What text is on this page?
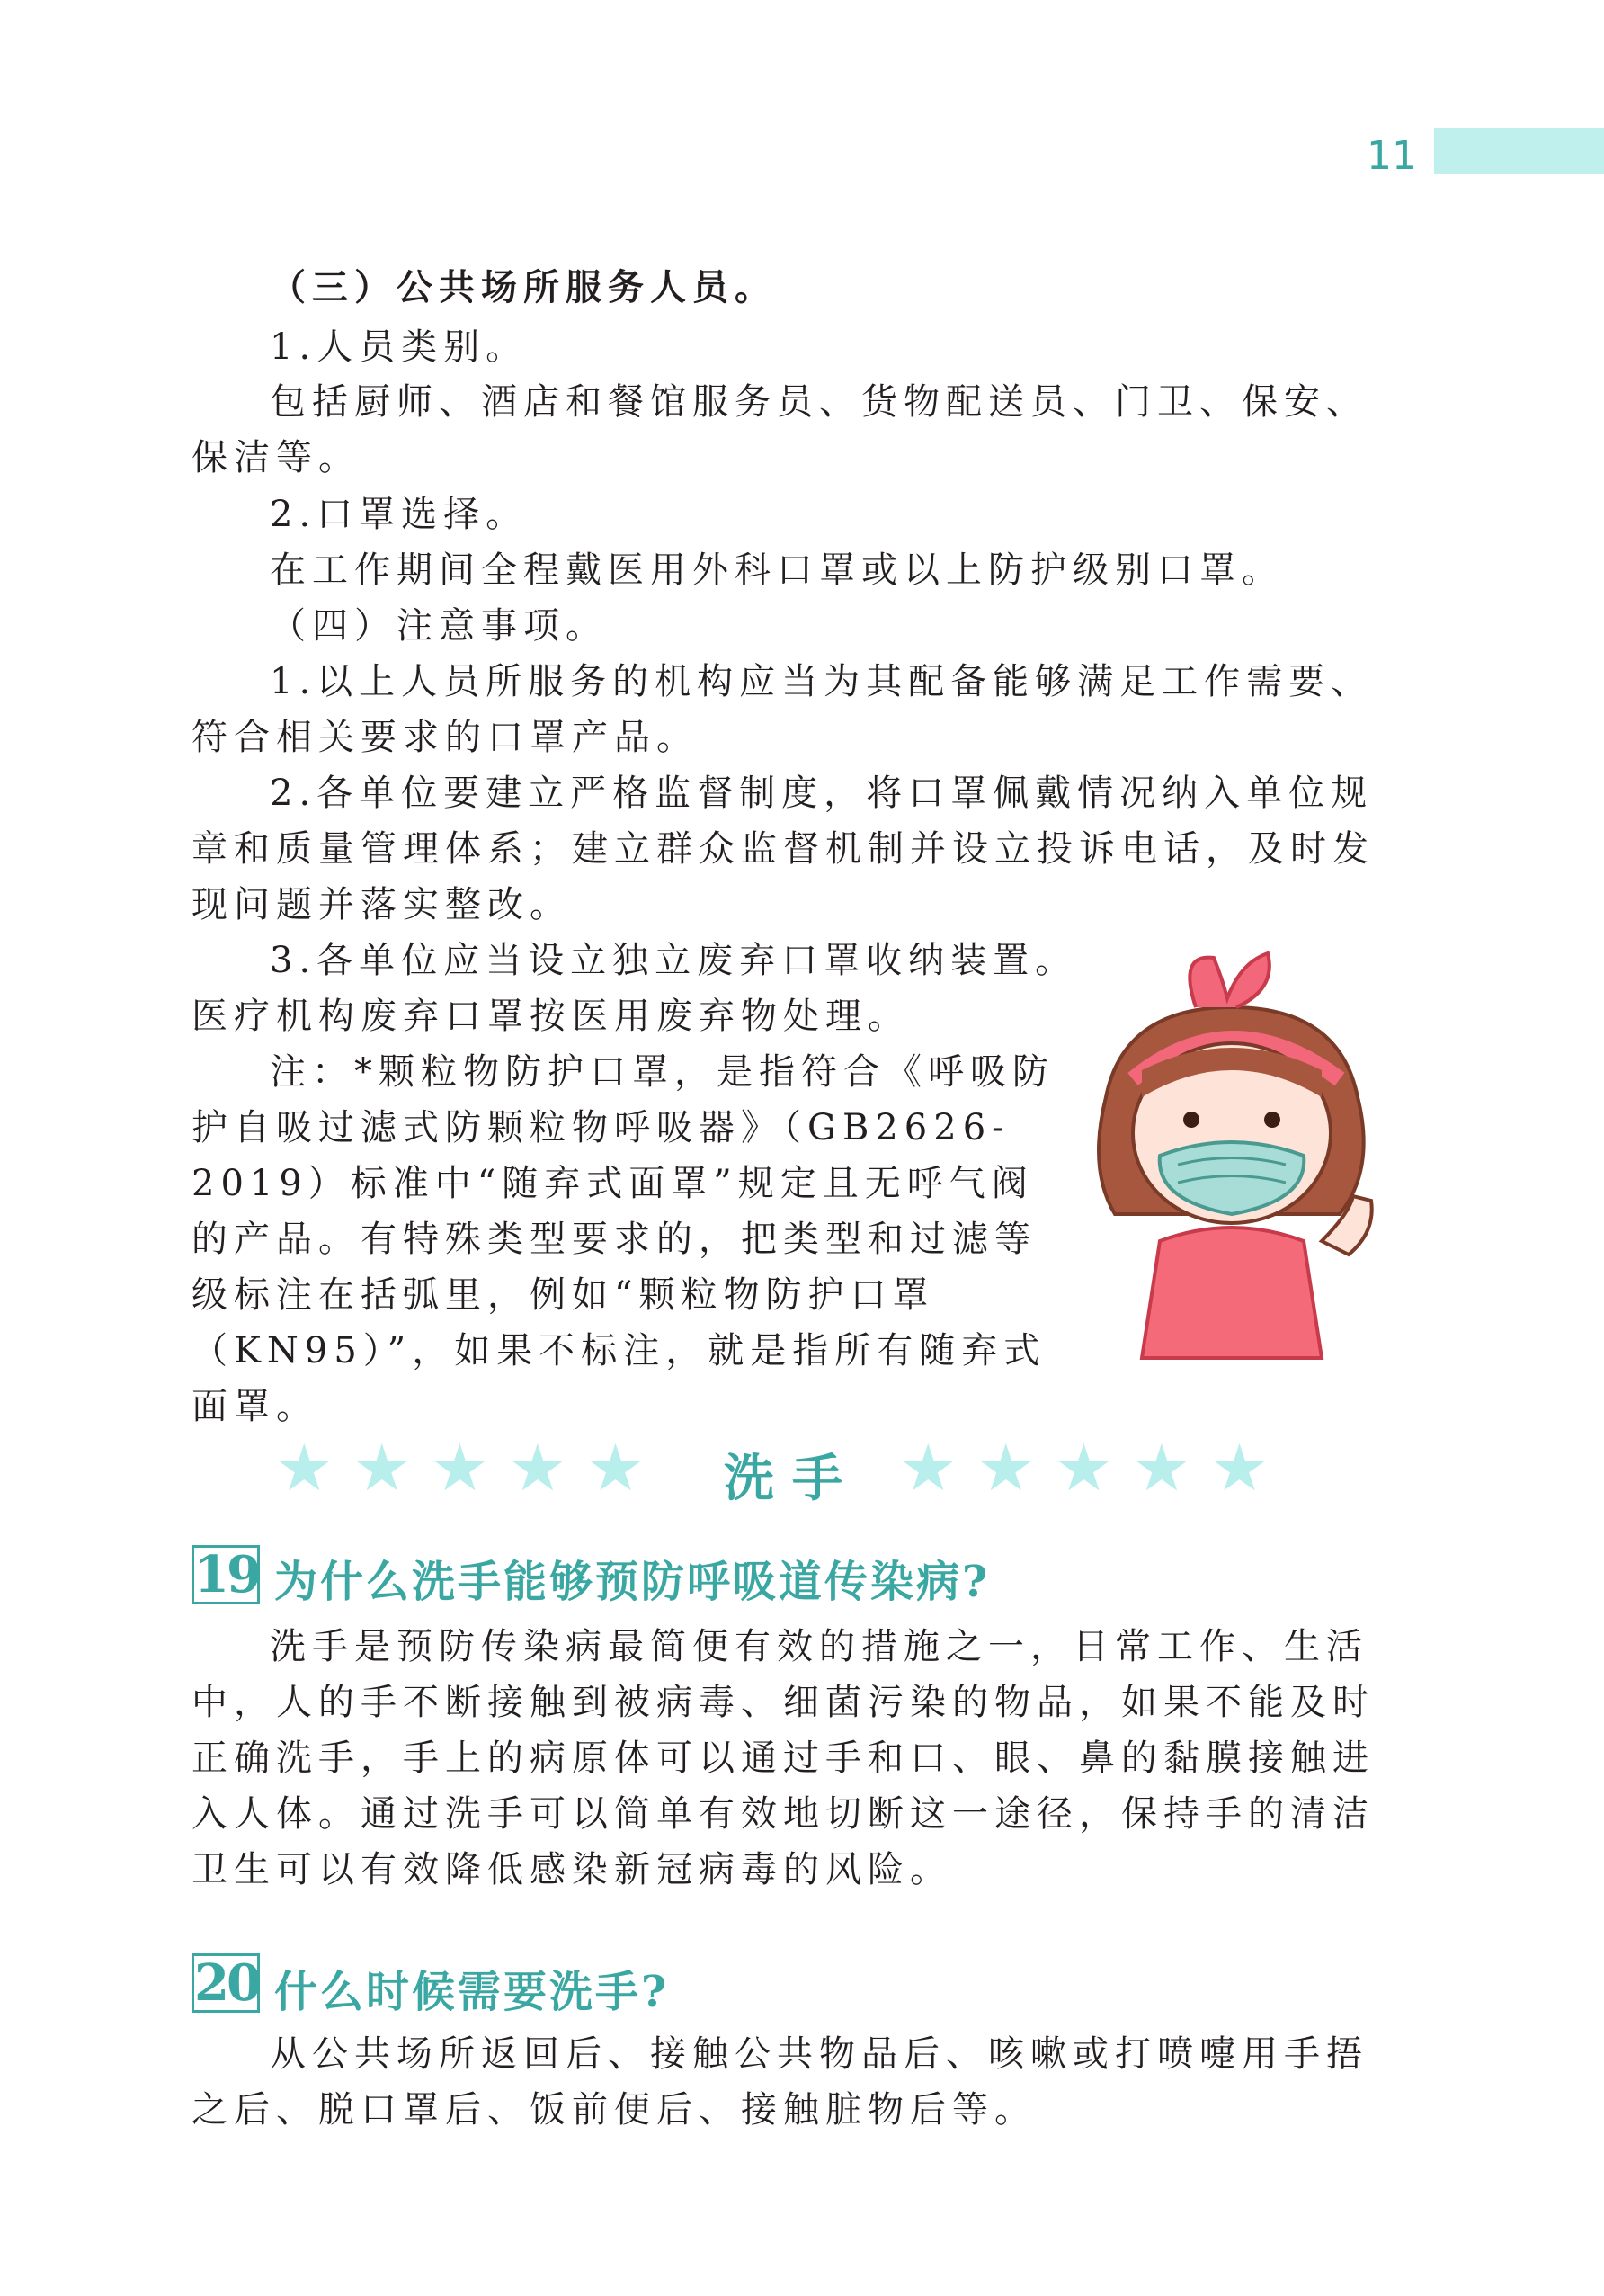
11

（三）公共场所服务人员。

1.人员类别。

包括厨师、酒店和餐馆服务员、货物配送员、门卫、保安、保洁等。

2.口罩选择。

在工作期间全程戴医用外科口罩或以上防护级别口罩。

（四）注意事项。

1.以上人员所服务的机构应当为其配备能够满足工作需要、符合相关要求的口罩产品。

2.各单位要建立严格监督制度，将口罩佩戴情况纳入单位规章和质量管理体系；建立群众监督机制并设立投诉电话，及时发现问题并落实整改。

3.各单位应当设立独立废弃口罩收纳装置。

医疗机构废弃口罩按医用废弃物处理。

注：*颗粒物防护口罩，是指符合《呼吸防护自吸过滤式防颗粒物呼吸器》（GB2626-2019）标准中“随弃式面罩”规定且无呼气阀的产品。有特殊类型要求的，把类型和过滤等级标注在括弧里，例如“颗粒物防护口罩（KN95）”，如果不标注，就是指所有随弃式面罩。

★★★★★ 洗手 ★★★★★
19 为什么洗手能够预防呼吸道传染病?

洗手是预防传染病最简便有效的措施之一，日常工作、生活中，人的手不断接触到被病毒、细菌污染的物品，如果不能及时正确洗手，手上的病原体可以通过手和口、眼、鼻的黏膜接触进入人体。通过洗手可以简单有效地切断这一途径，保持手的清洁卫生可以有效降低感染新冠病毒的风险。

20 什么时候需要洗手?

从公共场所返回后、接触公共物品后、咳嗽或打喷嚏用手捂之后、脱口罩后、饭前便后、接触脏物后等。
